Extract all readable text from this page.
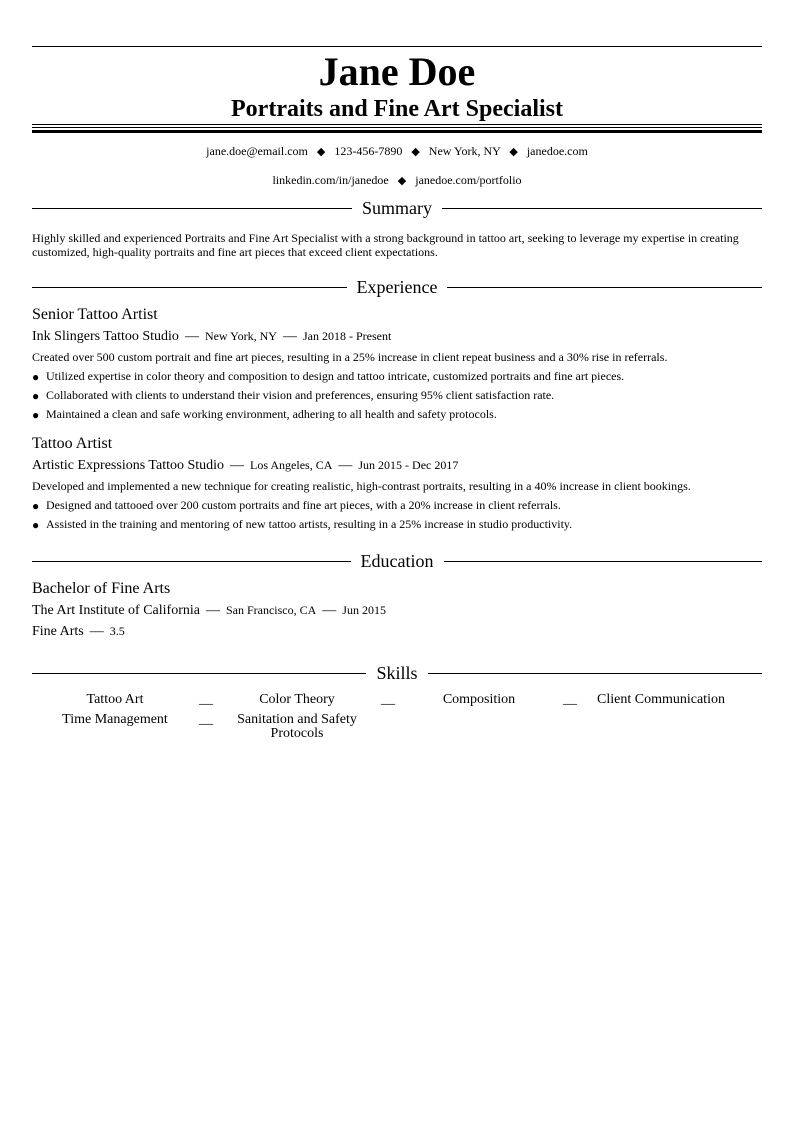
Jane Doe
Portraits and Fine Art Specialist
jane.doe@email.com ◆ 123-456-7890 ◆ New York, NY ◆ janedoe.com
linkedin.com/in/janedoe ◆ janedoe.com/portfolio
Summary
Highly skilled and experienced Portraits and Fine Art Specialist with a strong background in tattoo art, seeking to leverage my expertise in creating customized, high-quality portraits and fine art pieces that exceed client expectations.
Experience
Senior Tattoo Artist
Ink Slingers Tattoo Studio — New York, NY — Jan 2018 - Present
Created over 500 custom portrait and fine art pieces, resulting in a 25% increase in client repeat business and a 30% rise in referrals.
● Utilized expertise in color theory and composition to design and tattoo intricate, customized portraits and fine art pieces.
● Collaborated with clients to understand their vision and preferences, ensuring 95% client satisfaction rate.
● Maintained a clean and safe working environment, adhering to all health and safety protocols.
Tattoo Artist
Artistic Expressions Tattoo Studio — Los Angeles, CA — Jun 2015 - Dec 2017
Developed and implemented a new technique for creating realistic, high-contrast portraits, resulting in a 40% increase in client bookings.
● Designed and tattooed over 200 custom portraits and fine art pieces, with a 20% increase in client referrals.
● Assisted in the training and mentoring of new tattoo artists, resulting in a 25% increase in studio productivity.
Education
Bachelor of Fine Arts
The Art Institute of California — San Francisco, CA — Jun 2015
Fine Arts — 3.5
Skills
Tattoo Art	__	Color Theory	__	Composition	__	Client Communication
Time Management	__	Sanitation and Safety Protocols
